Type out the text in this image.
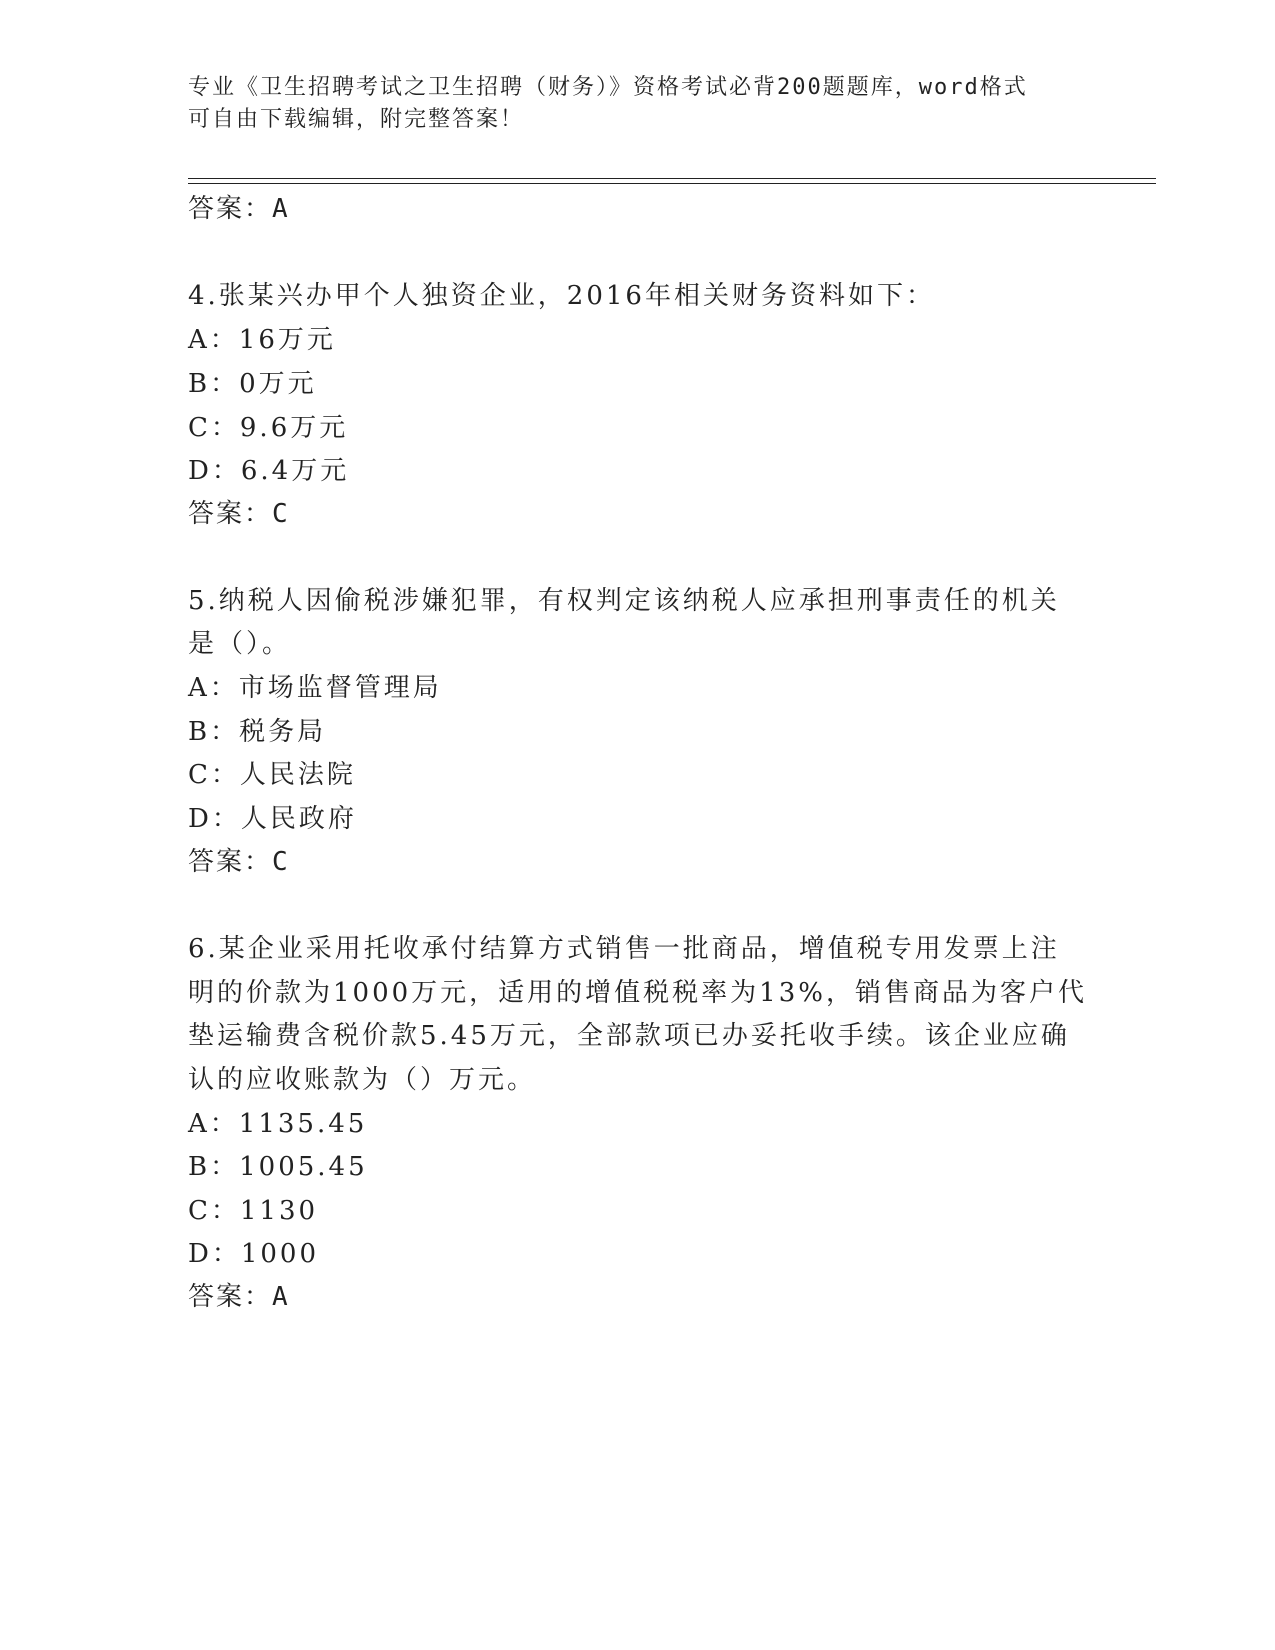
专业《卫生招聘考试之卫生招聘（财务）》资格考试必背200题题库，word格式
可自由下载编辑，附完整答案！
答案：A
4.张某兴办甲个人独资企业，2016年相关财务资料如下：
A：16万元
B：0万元
C：9.6万元
D：6.4万元
答案：C
5.纳税人因偷税涉嫌犯罪，有权判定该纳税人应承担刑事责任的机关
是（）。
A：市场监督管理局
B：税务局
C：人民法院
D：人民政府
答案：C
6.某企业采用托收承付结算方式销售一批商品，增值税专用发票上注
明的价款为1000万元，适用的增值税税率为13%，销售商品为客户代
垫运输费含税价款5.45万元，全部款项已办妥托收手续。该企业应确
认的应收账款为（）万元。
A：1135.45
B：1005.45
C：1130
D：1000
答案：A
